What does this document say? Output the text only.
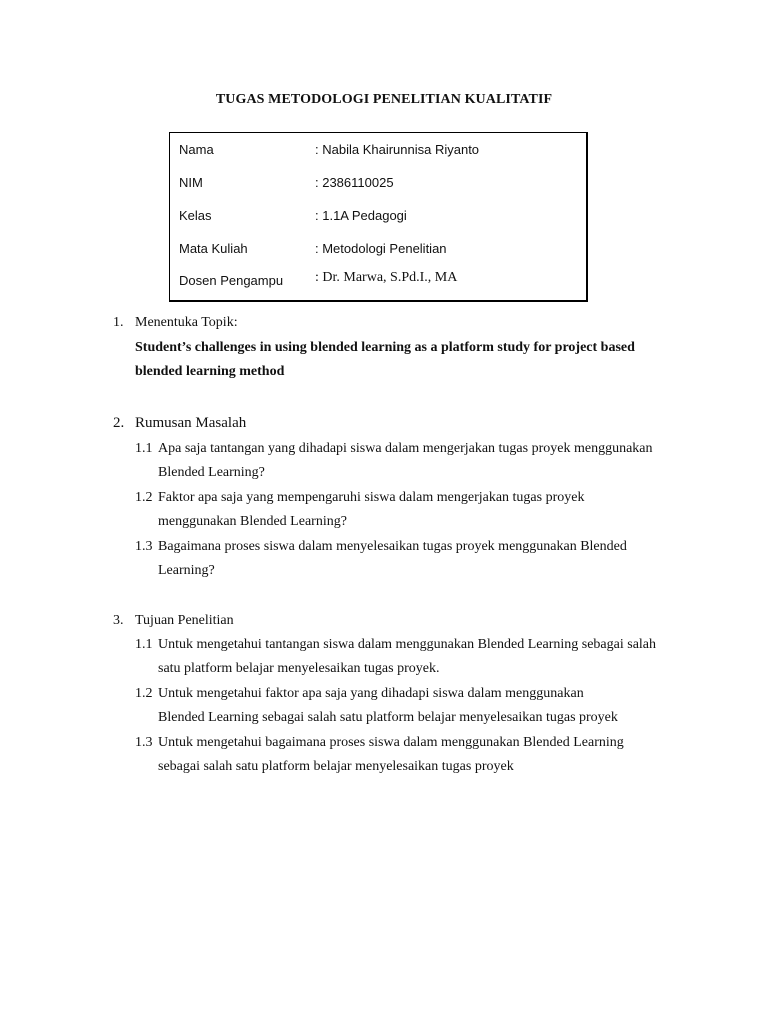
TUGAS METODOLOGI PENELITIAN KUALITATIF
Nama	: Nabila Khairunnisa Riyanto
NIM	: 2386110025
Kelas	: 1.1A Pedagogi
Mata Kuliah	: Metodologi Penelitian
Dosen Pengampu : Dr. Marwa, S.Pd.I., MA
1. Menentuka Topik:
Student’s challenges in using blended learning as a platform study for project based blended learning method
2. Rumusan Masalah
1.1 Apa saja tantangan yang dihadapi siswa dalam mengerjakan tugas proyek menggunakan Blended Learning?
1.2 Faktor apa saja yang mempengaruhi siswa dalam mengerjakan tugas proyek menggunakan Blended Learning?
1.3 Bagaimana proses siswa dalam menyelesaikan tugas proyek menggunakan Blended Learning?
3. Tujuan Penelitian
1.1 Untuk mengetahui tantangan siswa dalam menggunakan Blended Learning sebagai salah satu platform belajar menyelesaikan tugas proyek.
1.2 Untuk mengetahui faktor apa saja yang dihadapi siswa dalam menggunakan Blended Learning sebagai salah satu platform belajar menyelesaikan tugas proyek
1.3 Untuk mengetahui bagaimana proses siswa dalam menggunakan Blended Learning sebagai salah satu platform belajar menyelesaikan tugas proyek
